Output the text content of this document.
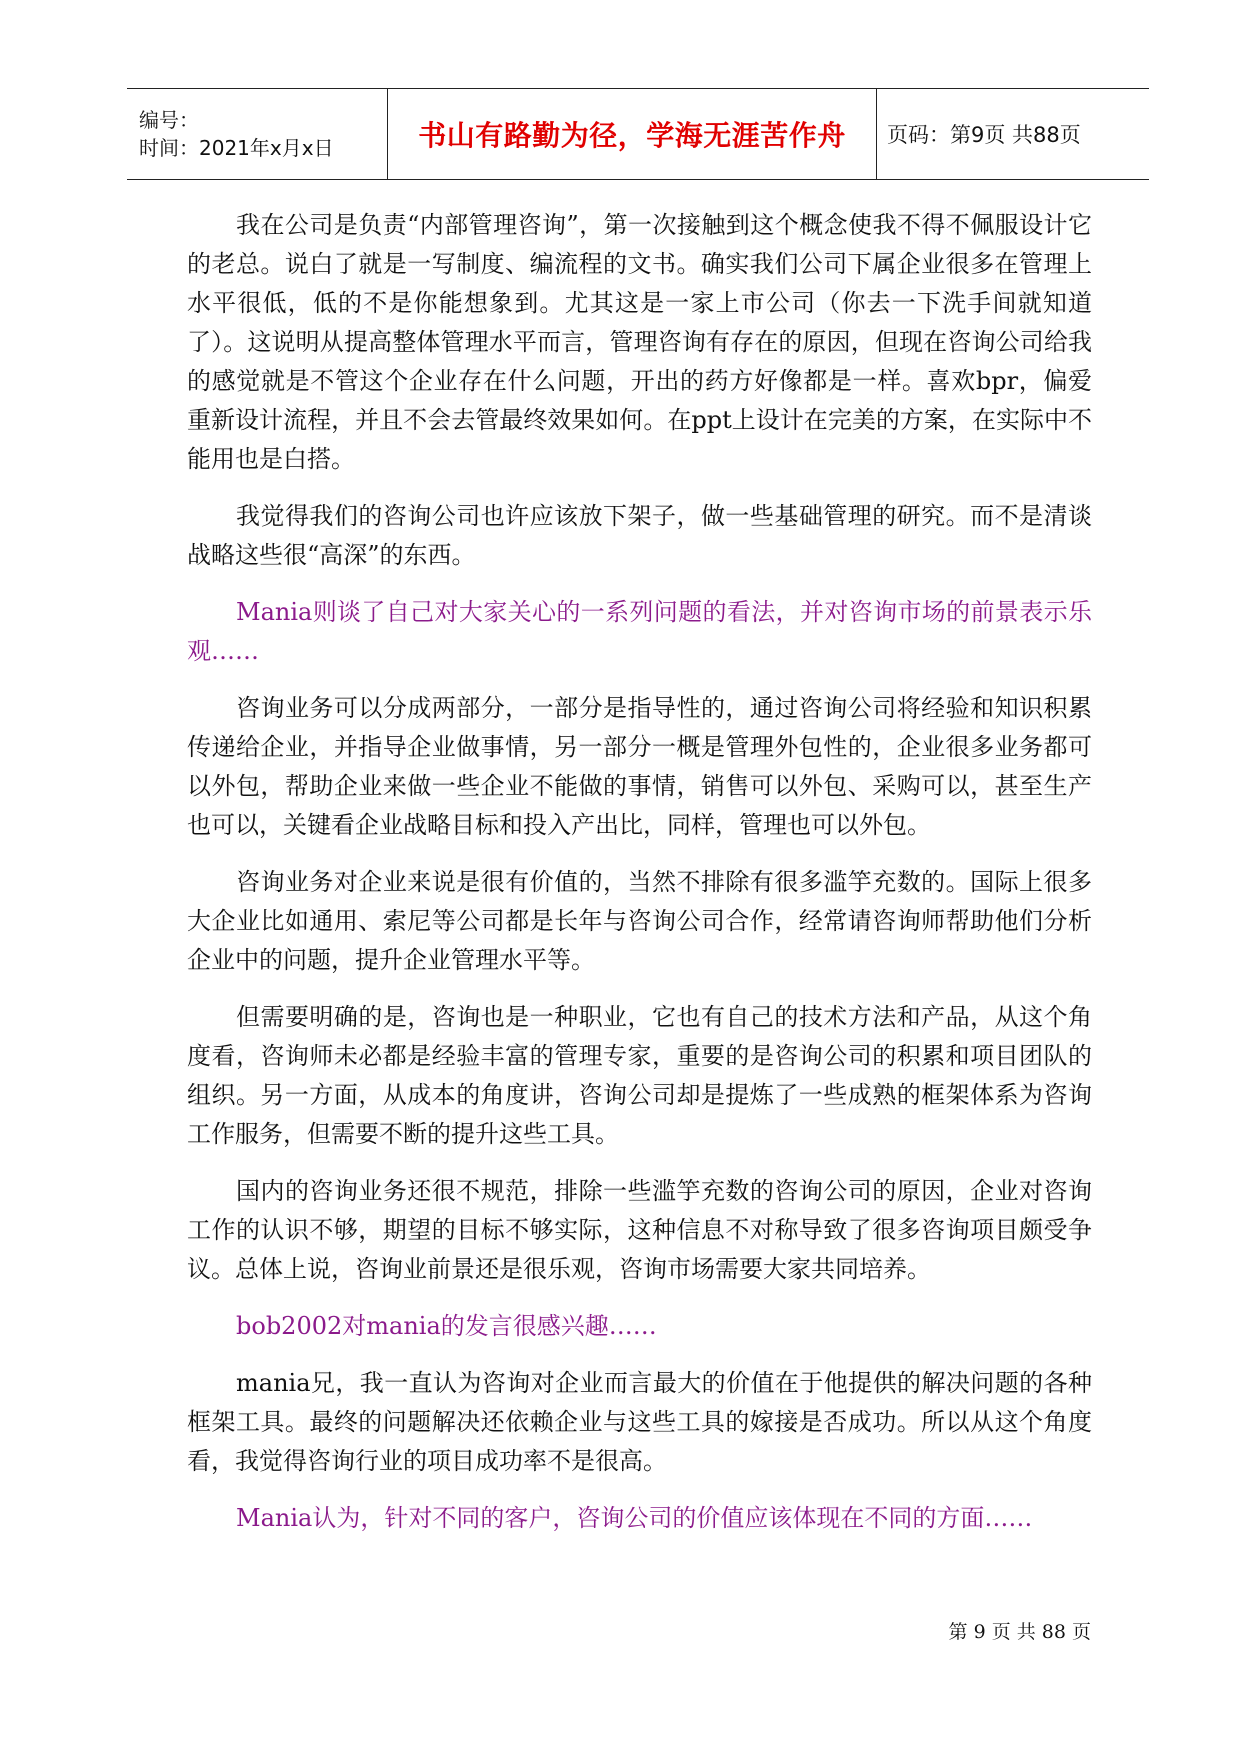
编号：
时间：2021年x月x日	书山有路勤为径，学海无涯苦作舟 页码：第9页 共88页

我在公司是负责“内部管理咨询”，第一次接触到这个概念使我不得不佩服设计它的老总。说白了就是一写制度、编流程的文书。确实我们公司下属企业很多在管理上水平很低，低的不是你能想象到。尤其这是一家上市公司（你去一下洗手间就知道了）。这说明从提高整体管理水平而言，管理咨询有存在的原因，但现在咨询公司给我的感觉就是不管这个企业存在什么问题，开出的药方好像都是一样。喜欢bpr，偏爱重新设计流程，并且不会去管最终效果如何。在ppt上设计在完美的方案，在实际中不能用也是白搭。

我觉得我们的咨询公司也许应该放下架子，做一些基础管理的研究。而不是清谈战略这些很“高深”的东西。

Mania则谈了自己对大家关心的一系列问题的看法，并对咨询市场的前景表示乐观……

咨询业务可以分成两部分，一部分是指导性的，通过咨询公司将经验和知识积累传递给企业，并指导企业做事情，另一部分一概是管理外包性的，企业很多业务都可以外包，帮助企业来做一些企业不能做的事情，销售可以外包、采购可以，甚至生产也可以，关键看企业战略目标和投入产出比，同样，管理也可以外包。

咨询业务对企业来说是很有价值的，当然不排除有很多滥竽充数的。国际上很多大企业比如通用、索尼等公司都是长年与咨询公司合作，经常请咨询师帮助他们分析企业中的问题，提升企业管理水平等。

但需要明确的是，咨询也是一种职业，它也有自己的技术方法和产品，从这个角度看，咨询师未必都是经验丰富的管理专家，重要的是咨询公司的积累和项目团队的组织。另一方面，从成本的角度讲，咨询公司却是提炼了一些成熟的框架体系为咨询工作服务，但需要不断的提升这些工具。

国内的咨询业务还很不规范，排除一些滥竽充数的咨询公司的原因，企业对咨询工作的认识不够，期望的目标不够实际，这种信息不对称导致了很多咨询项目颇受争议。总体上说，咨询业前景还是很乐观，咨询市场需要大家共同培养。

bob2002对mania的发言很感兴趣……

mania兄，我一直认为咨询对企业而言最大的价值在于他提供的解决问题的各种框架工具。最终的问题解决还依赖企业与这些工具的嫁接是否成功。所以从这个角度看，我觉得咨询行业的项目成功率不是很高。

Mania认为，针对不同的客户，咨询公司的价值应该体现在不同的方面……

第 9 页 共 88 页
